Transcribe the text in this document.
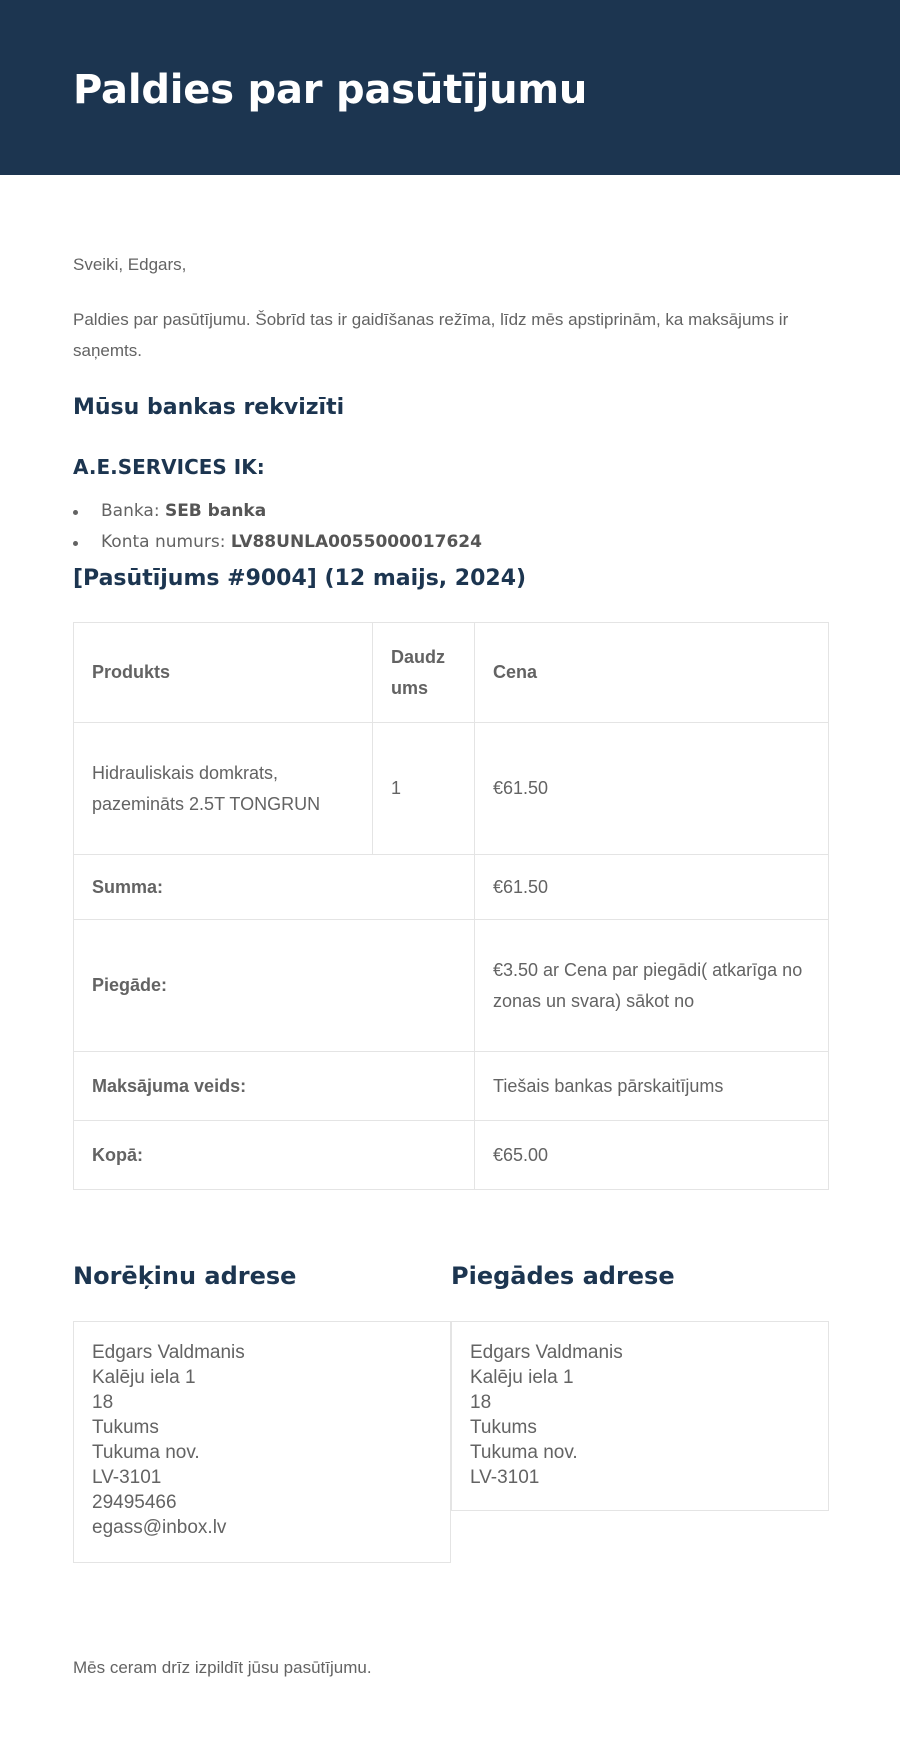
Paldies par pasūtījumu

Sveiki, Edgars,

Paldies par pasūtījumu. Šobrīd tas ir gaidīšanas režīma, līdz mēs apstiprinām, ka maksājums ir saņemts.

Mūsu bankas rekvizīti
A.E.SERVICES IK:
Banka: SEB banka
Konta numurs: LV88UNLA0055000017624
[Pasūtījums #9004] (12 maijs, 2024)
Produkts	Daudz ums	Cena
Hidrauliskais domkrats, pazemināts 2.5T TONGRUN	1	€61.50
Summa:		€61.50
Piegāde:		€3.50 ar Cena par piegādi( atkarīga no zonas un svara) sākot no
Maksājuma veids:		Tiešais bankas pārskaitījums
Kopā:		€65.00
Norēķinu adrese	Piegādes adrese
Edgars Valdmanis
Kalēju iela 1
18
Tukums
Tukuma nov.
LV-3101
29495466
egass@inbox.lv
Edgars Valdmanis
Kalēju iela 1
18
Tukums
Tukuma nov.
LV-3101

Mēs ceram drīz izpildīt jūsu pasūtījumu.
